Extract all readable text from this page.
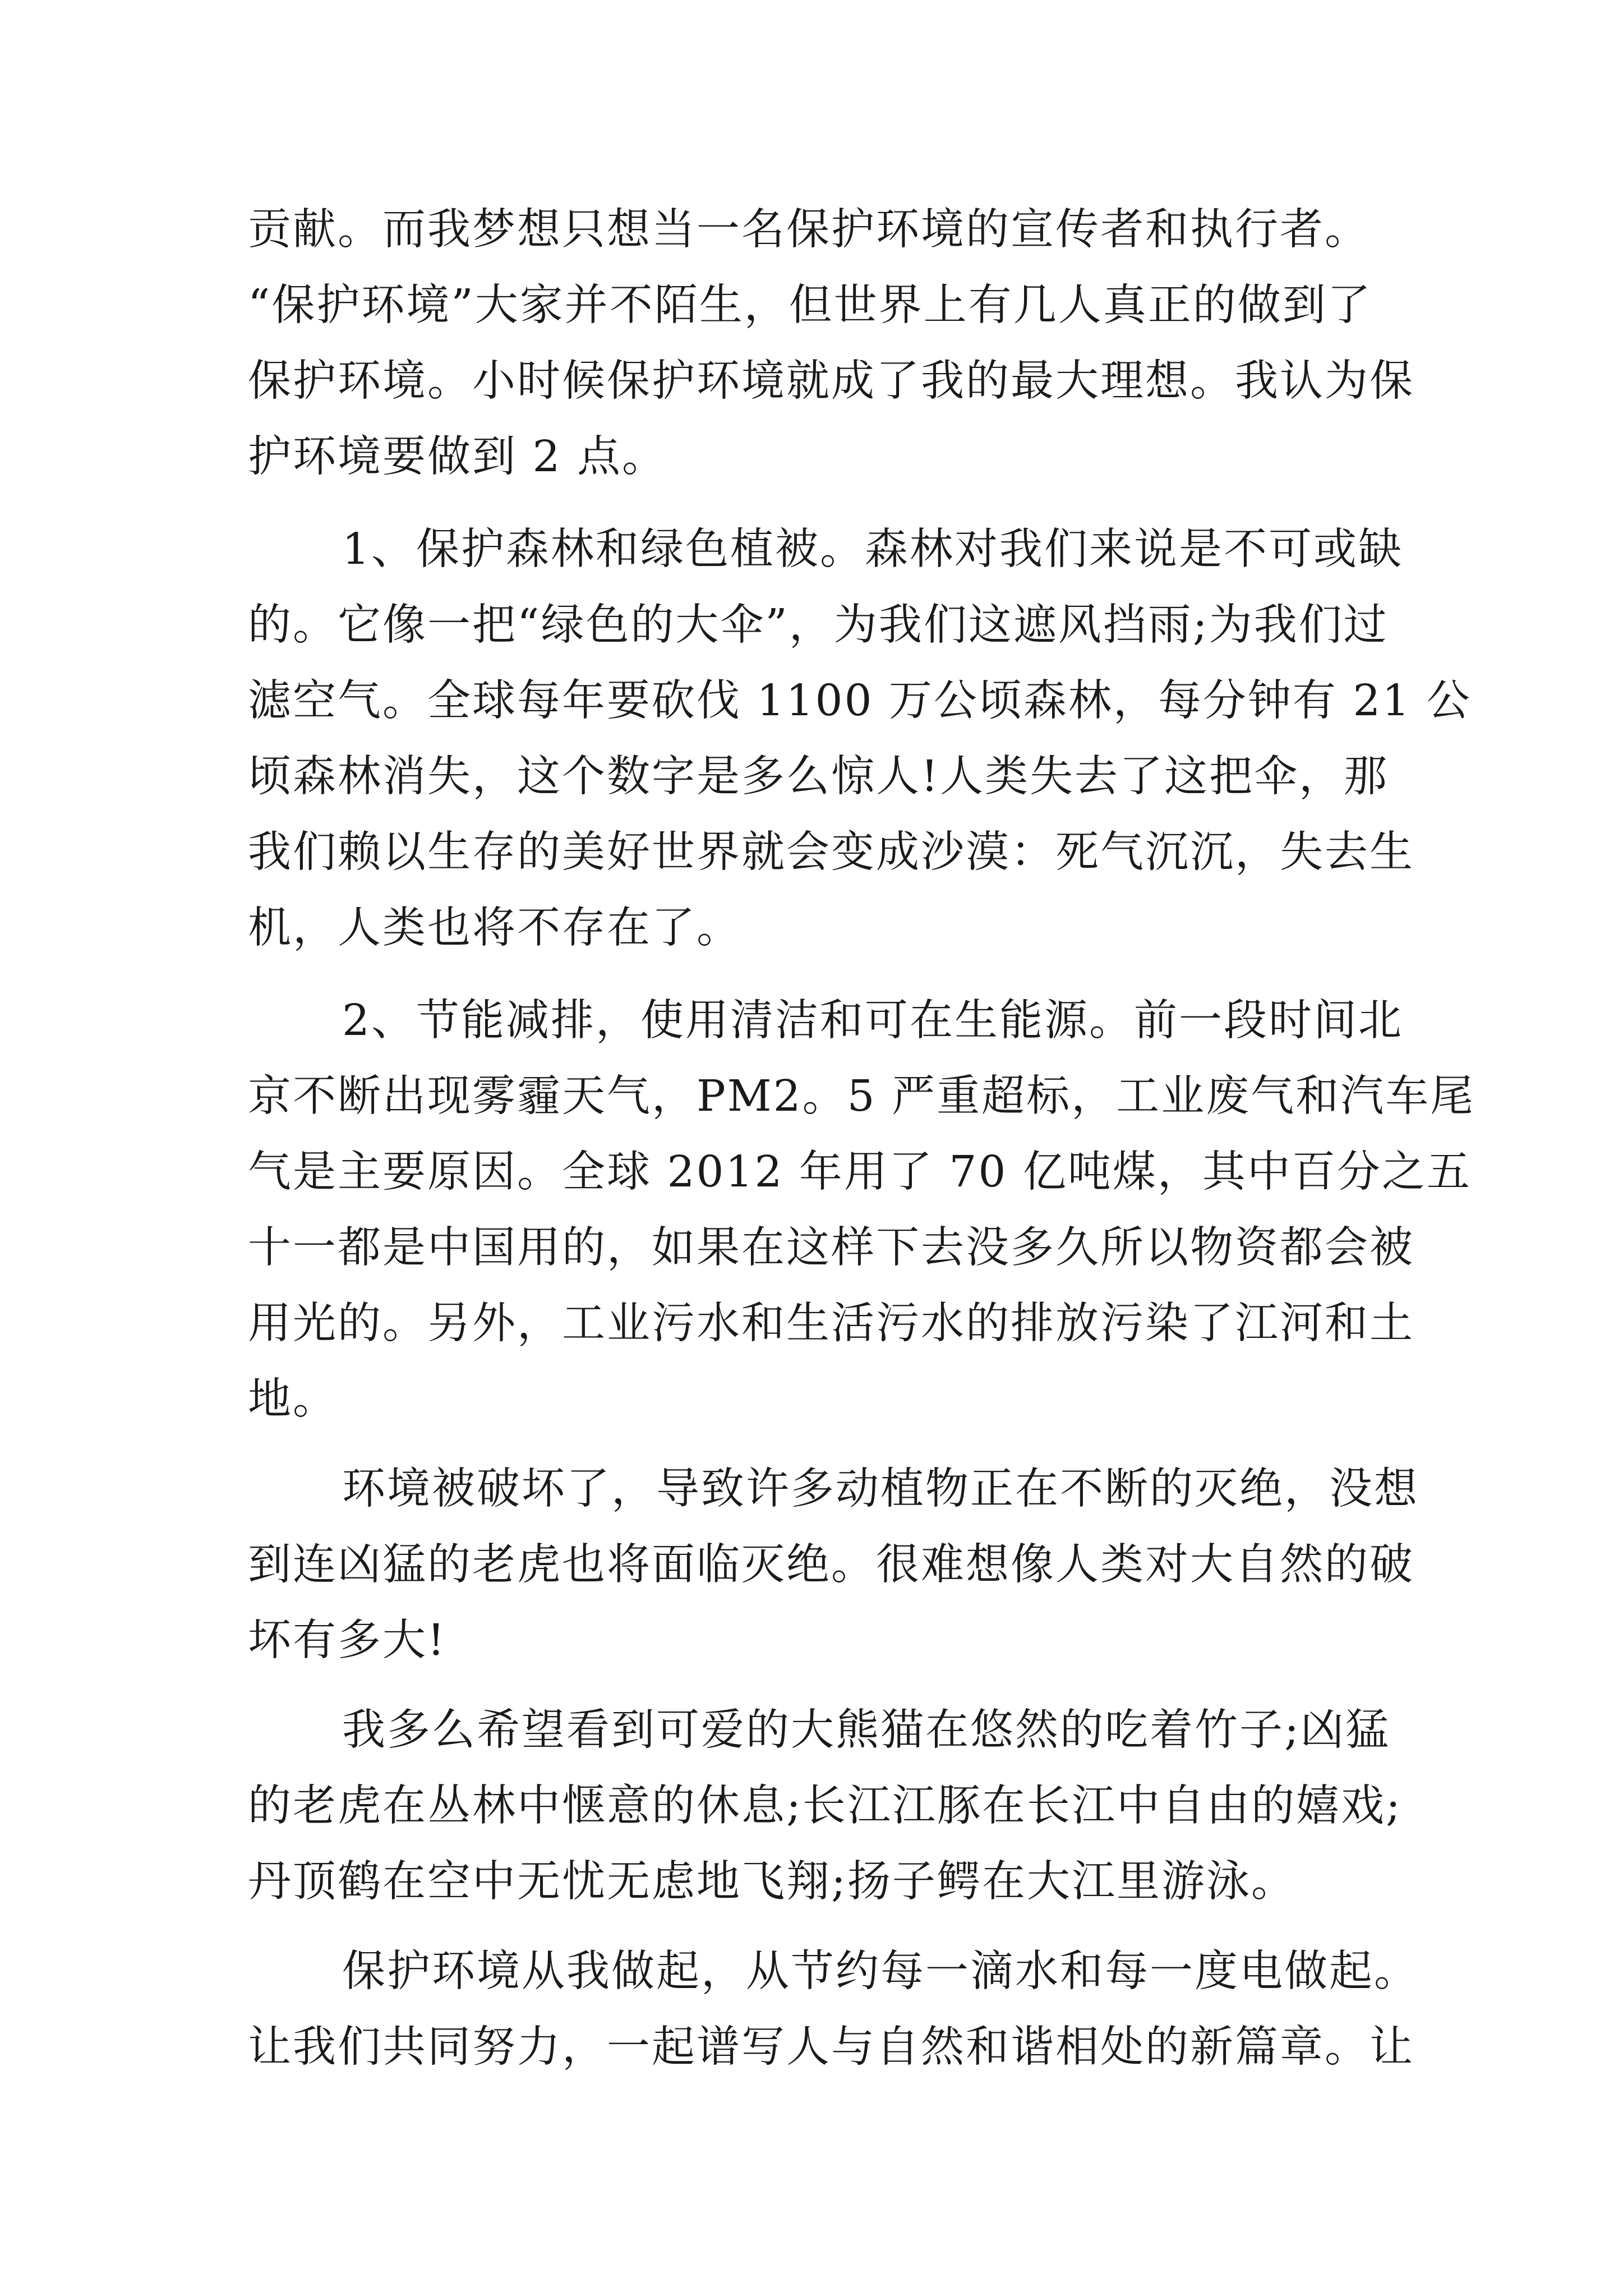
贡献。而我梦想只想当一名保护环境的宣传者和执行者。
“保护环境”大家并不陌生，但世界上有几人真正的做到了
保护环境。小时候保护环境就成了我的最大理想。我认为保
护环境要做到 2 点。
1、保护森林和绿色植被。森林对我们来说是不可或缺
的。它像一把“绿色的大伞”，为我们这遮风挡雨;为我们过
滤空气。全球每年要砍伐 1100 万公顷森林，每分钟有 21 公
顷森林消失，这个数字是多么惊人!人类失去了这把伞，那
我们赖以生存的美好世界就会变成沙漠：死气沉沉，失去生
机，人类也将不存在了。
2、节能减排，使用清洁和可在生能源。前一段时间北
京不断出现雾霾天气，PM2。5 严重超标，工业废气和汽车尾
气是主要原因。全球 2012 年用了 70 亿吨煤，其中百分之五
十一都是中国用的，如果在这样下去没多久所以物资都会被
用光的。另外，工业污水和生活污水的排放污染了江河和土
地。
环境被破坏了，导致许多动植物正在不断的灭绝，没想
到连凶猛的老虎也将面临灭绝。很难想像人类对大自然的破
坏有多大!
我多么希望看到可爱的大熊猫在悠然的吃着竹子;凶猛
的老虎在丛林中惬意的休息;长江江豚在长江中自由的嬉戏;
丹顶鹤在空中无忧无虑地飞翔;扬子鳄在大江里游泳。
保护环境从我做起，从节约每一滴水和每一度电做起。
让我们共同努力，一起谱写人与自然和谐相处的新篇章。让
